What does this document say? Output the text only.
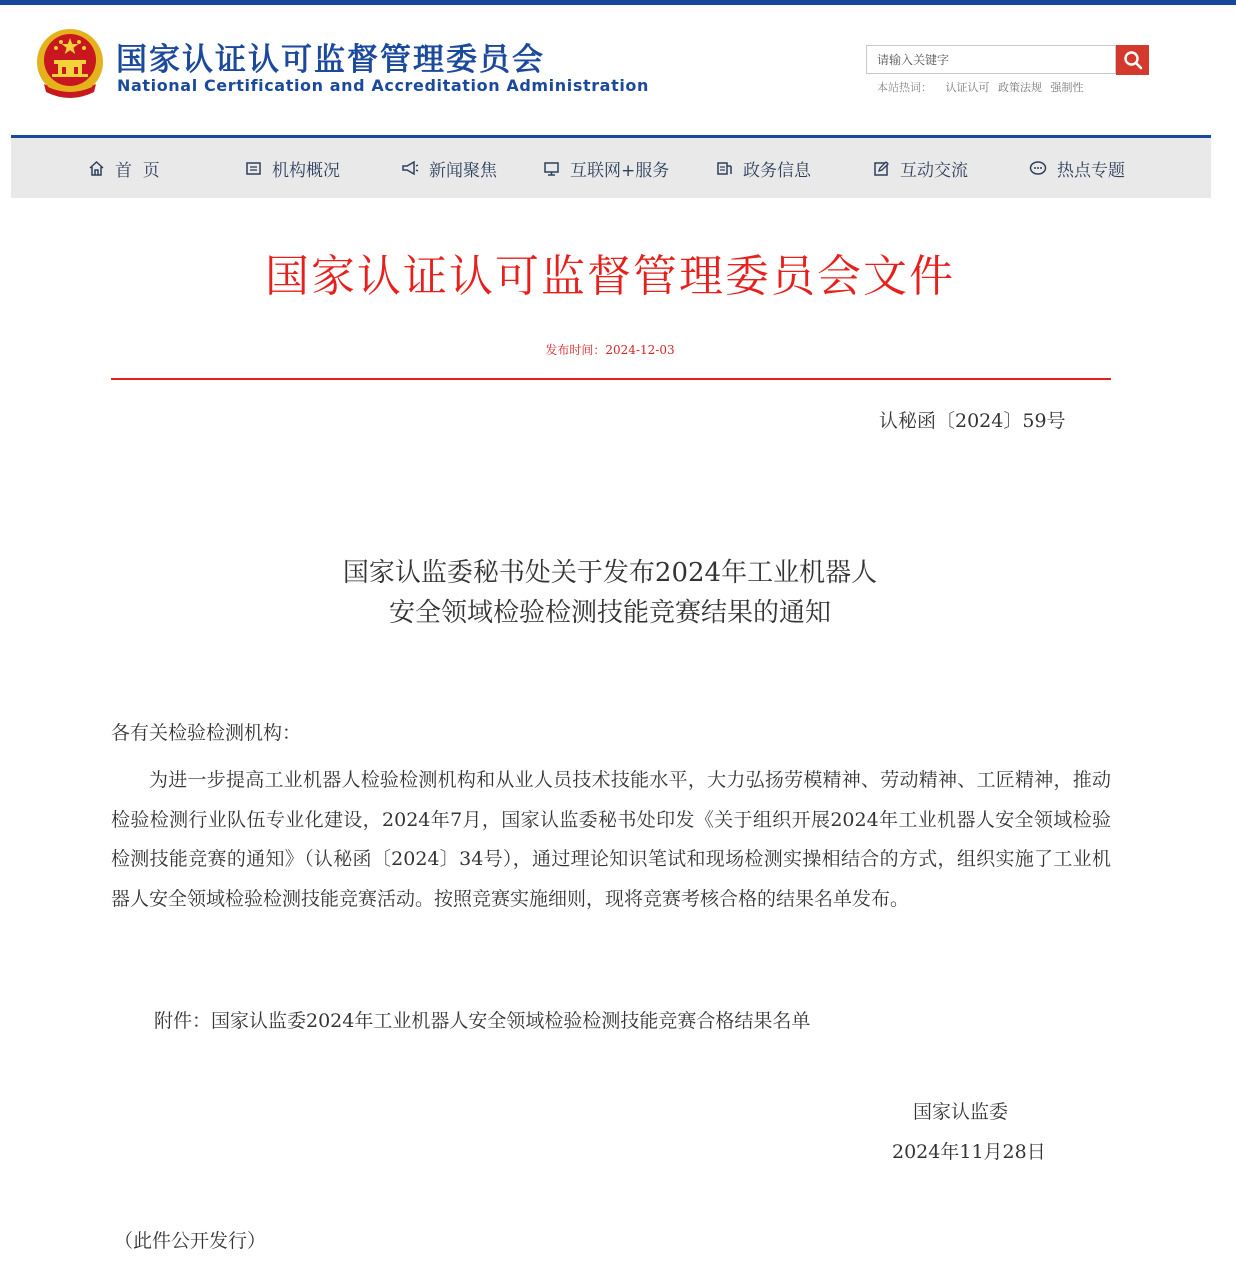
国家认证认可监督管理委员会
National Certification and Accreditation Administration
请输入关键字	本站热词： 认证认可 政策法规 强制性
首  页	机构概况	新闻聚焦	互联网+服务	政务信息	互动交流	热点专题
国家认证认可监督管理委员会文件
发布时间：2024-12-03
认秘函〔2024〕59号
国家认监委秘书处关于发布2024年工业机器人
安全领域检验检测技能竞赛结果的通知
各有关检验检测机构：

为进一步提高工业机器人检验检测机构和从业人员技术技能水平，大力弘扬劳模精神、劳动精神、工匠精神，推动检验检测行业队伍专业化建设，2024年7月，国家认监委秘书处印发《关于组织开展2024年工业机器人安全领域检验检测技能竞赛的通知》（认秘函〔2024〕34号），通过理论知识笔试和现场检测实操相结合的方式，组织实施了工业机器人安全领域检验检测技能竞赛活动。按照竞赛实施细则，现将竞赛考核合格的结果名单发布。

附件：国家认监委2024年工业机器人安全领域检验检测技能竞赛合格结果名单
国家认监委
2024年11月28日
（此件公开发行）
